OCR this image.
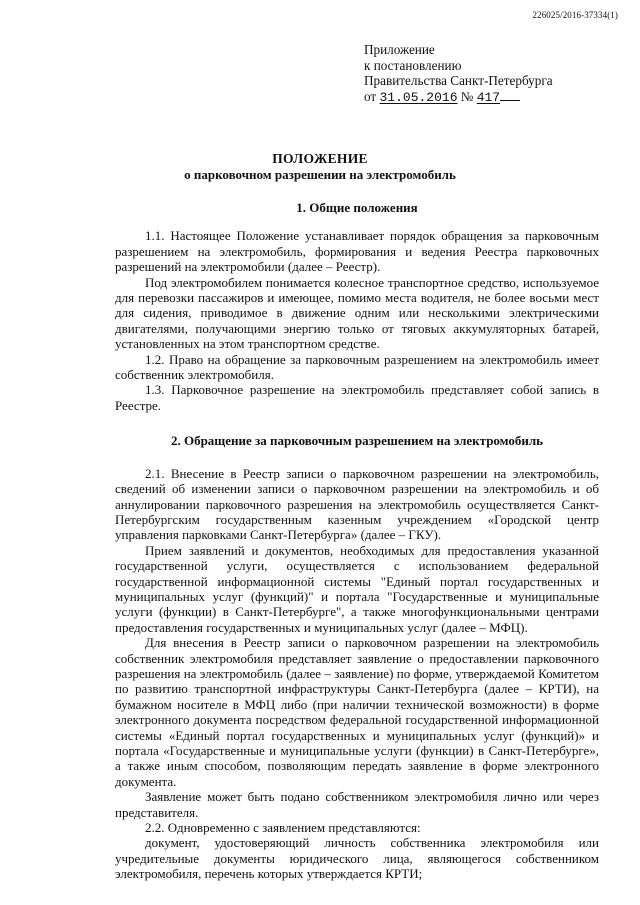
226025/2016-37334(1)
Приложение
к постановлению
Правительства Санкт-Петербурга
от 31.05.2016 № 417
ПОЛОЖЕНИЕ
о парковочном разрешении на электромобиль
1. Общие положения

1.1. Настоящее Положение устанавливает порядок обращения за парковочным разрешением на электромобиль, формирования и ведения Реестра парковочных разрешений на электромобили (далее – Реестр).

Под электромобилем понимается колесное транспортное средство, используемое для перевозки пассажиров и имеющее, помимо места водителя, не более восьми мест для сидения, приводимое в движение одним или несколькими электрическими двигателями, получающими энергию только от тяговых аккумуляторных батарей, установленных на этом транспортном средстве.

1.2. Право на обращение за парковочным разрешением на электромобиль имеет собственник электромобиля.

1.3. Парковочное разрешение на электромобиль представляет собой запись в Реестре.

2. Обращение за парковочным разрешением на электромобиль

2.1. Внесение в Реестр записи о парковочном разрешении на электромобиль, сведений об изменении записи о парковочном разрешении на электромобиль и об аннулировании парковочного разрешения на электромобиль осуществляется Санкт-Петербургским государственным казенным учреждением «Городской центр управления парковками Санкт-Петербурга» (далее – ГКУ).

Прием заявлений и документов, необходимых для предоставления указанной государственной услуги, осуществляется с использованием федеральной государственной информационной системы "Единый портал государственных и муниципальных услуг (функций)" и портала "Государственные и муниципальные услуги (функции) в Санкт-Петербурге", а также многофункциональными центрами предоставления государственных и муниципальных услуг (далее – МФЦ).

Для внесения в Реестр записи о парковочном разрешении на электромобиль собственник электромобиля представляет заявление о предоставлении парковочного разрешения на электромобиль (далее – заявление) по форме, утверждаемой Комитетом по развитию транспортной инфраструктуры Санкт-Петербурга (далее – КРТИ), на бумажном носителе в МФЦ либо (при наличии технической возможности) в форме электронного документа посредством федеральной государственной информационной системы «Единый портал государственных и муниципальных услуг (функций)» и портала «Государственные и муниципальные услуги (функции) в Санкт-Петербурге», а также иным способом, позволяющим передать заявление в форме электронного документа.

Заявление может быть подано собственником электромобиля лично или через представителя.

2.2. Одновременно с заявлением представляются:

документ, удостоверяющий личность собственника электромобиля или учредительные документы юридического лица, являющегося собственником электромобиля, перечень которых утверждается КРТИ;
